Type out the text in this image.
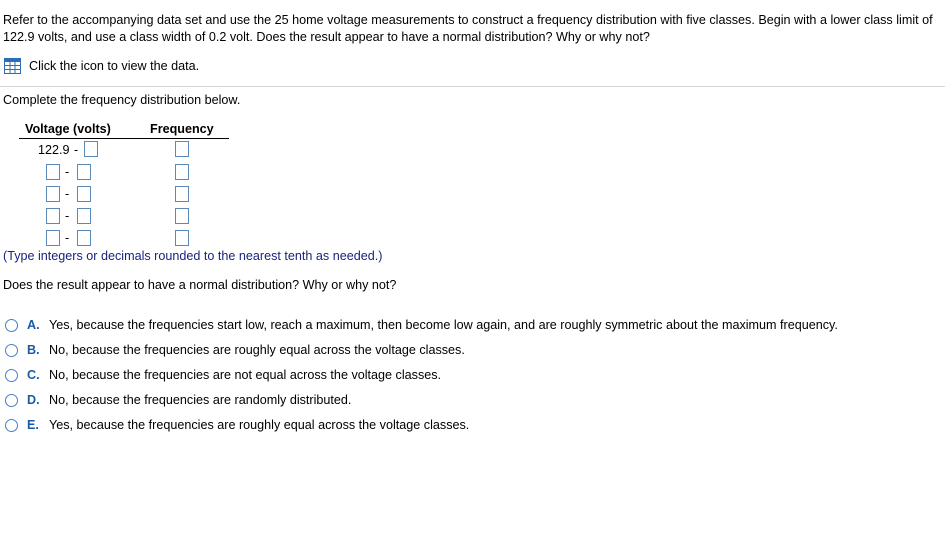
Refer to the accompanying data set and use the 25 home voltage measurements to construct a frequency distribution with five classes. Begin with a lower class limit of 122.9 volts, and use a class width of 0.2 volt. Does the result appear to have a normal distribution? Why or why not?
Click the icon to view the data.
Complete the frequency distribution below.
Voltage (volts)	Frequency
122.9 -
-
-
-
-
(Type integers or decimals rounded to the nearest tenth as needed.)
Does the result appear to have a normal distribution? Why or why not?
A. Yes, because the frequencies start low, reach a maximum, then become low again, and are roughly symmetric about the maximum frequency.
B. No, because the frequencies are roughly equal across the voltage classes.
C. No, because the frequencies are not equal across the voltage classes.
D. No, because the frequencies are randomly distributed.
E. Yes, because the frequencies are roughly equal across the voltage classes.
